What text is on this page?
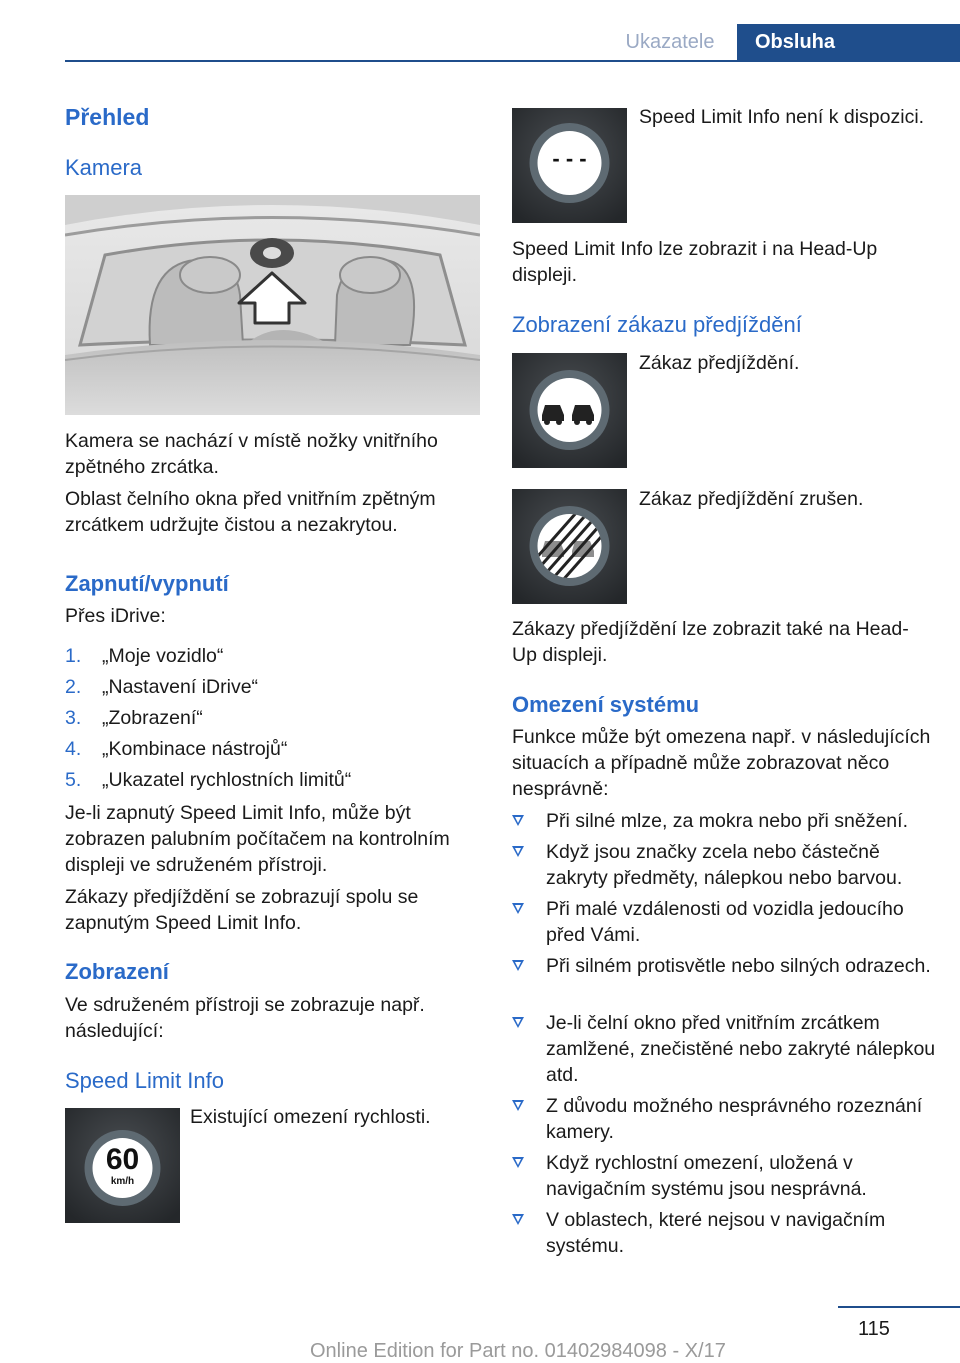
Ukazatele	Obsluha
Přehled
Kamera

Kamera se nachází v místě nožky vnitřního zpětného zrcátka.

Oblast čelního okna před vnitřním zpětným zrcátkem udržujte čistou a nezakrytou.

Zapnutí/vypnutí

Přes iDrive:

1. „Moje vozidlo“
2. „Nastavení iDrive“
3. „Zobrazení“
4. „Kombinace nástrojů“
5. „Ukazatel rychlostních limitů“

Je-li zapnutý Speed Limit Info, může být zobrazen palubním počítačem na kontrolním displeji ve sdruženém přístroji.

Zákazy předjíždění se zobrazují spolu se zapnutým Speed Limit Info.

Zobrazení

Ve sdruženém přístroji se zobrazuje např. následující:

Speed Limit Info
60
km/h

Existující omezení rychlosti.

- - -

Speed Limit Info není k dispozici.

Speed Limit Info lze zobrazit i na Head-Up displeji.

Zobrazení zákazu předjíždění

Zákaz předjíždění.

Zákaz předjíždění zrušen.

Zákazy předjíždění lze zobrazit také na Head-Up displeji.

Omezení systému

Funkce může být omezena např. v následujících situacích a případně může zobrazovat něco nesprávně:

Při silné mlze, za mokra nebo při sněžení.
Když jsou značky zcela nebo částečně zakryty předměty, nálepkou nebo barvou.
Při malé vzdálenosti od vozidla jedoucího před Vámi.
Při silném protisvětle nebo silných odrazech.
Je-li čelní okno před vnitřním zrcátkem zamlžené, znečistěné nebo zakryté nálepkou atd.
Z důvodu možného nesprávného rozeznání kamery.
Když rychlostní omezení, uložená v navigačním systému jsou nesprávná.
V oblastech, které nejsou v navigačním systému.
115
Online Edition for Part no. 01402984098 - X/17
